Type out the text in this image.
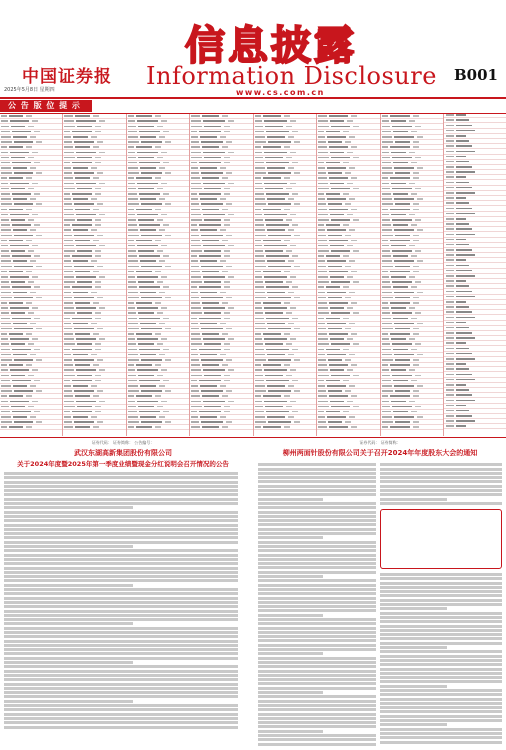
中国证券报
2025年5月8日 星期四
信息披露
Information Disclosure
www.cs.com.cn
B001
公 告 版 位 提 示
证券代码： 证券简称： 公告编号：
武汉东湖高新集团股份有限公司
关于2024年度暨2025年第一季度业绩暨现金分红说明会召开情况的公告
证券代码： 证券简称：
柳州两面针股份有限公司关于召开2024年年度股东大会的通知
